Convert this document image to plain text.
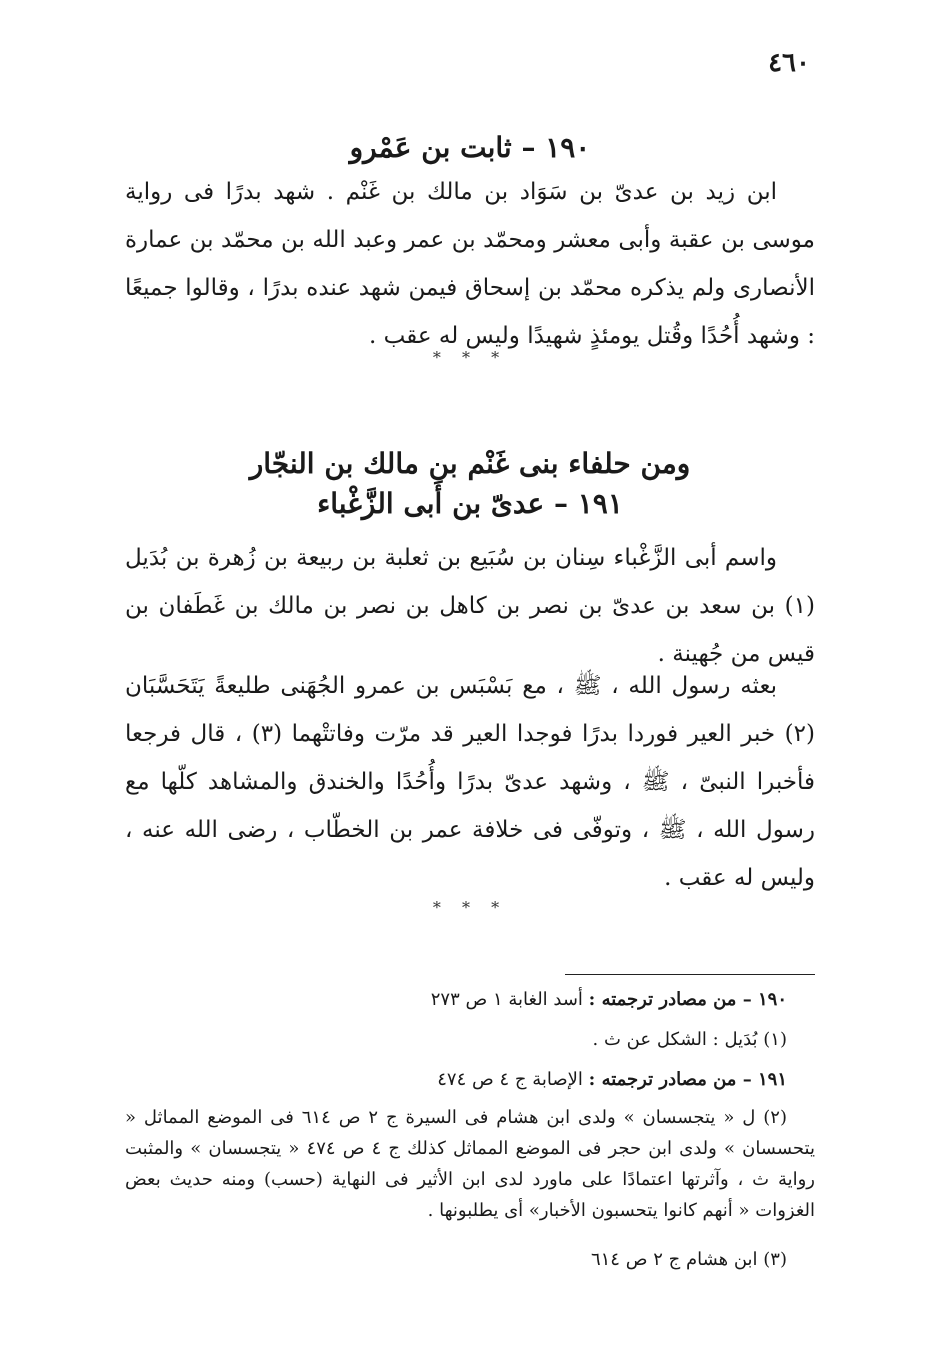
٤٦٠
١٩٠ – ثابت بن عَمْرو
ابن زيد بن عدىّ بن سَوَاد بن مالك بن غَنْم . شهد بدرًا فى رواية موسى بن عقبة وأبى معشر ومحمّد بن عمر وعبد الله بن محمّد بن عمارة الأنصارى ولم يذكره محمّد بن إسحاق فيمن شهد عنده بدرًا ، وقالوا جميعًا : وشهد أُحُدًا وقُتل يومئذٍ شهيدًا وليس له عقب .
* * *
ومن حلفاء بنى غَنْم بن مالك بن النجّار
١٩١ – عدىّ بن أَبى الزَّغْباء
واسم أبى الزَّغْباء سِنان بن سُبَيع بن ثعلبة بن ربيعة بن زُهرة بن بُدَيل (١) بن سعد بن عدىّ بن نصر بن كاهل بن نصر بن مالك بن غَطَفان بن قيس من جُهينة .
بعثه رسول الله ، ﷺ ، مع بَسْبَس بن عمرو الجُهَنى طليعةً يَتَحَسَّبَان (٢) خبر العير فوردا بدرًا فوجدا العير قد مرّت وفاتتْهما (٣) ، قال فرجعا فأخبرا النبىّ ، ﷺ ، وشهد عدىّ بدرًا وأُحُدًا والخندق والمشاهد كلّها مع رسول الله ، ﷺ ، وتوفّى فى خلافة عمر بن الخطّاب ، رضى الله عنه ، وليس له عقب .
* * *
١٩٠ – من مصادر ترجمته : أسد الغابة ١ ص ٢٧٣
(١) بُدَيل : الشكل عن ث .
١٩١ – من مصادر ترجمته : الإصابة ج ٤ ص ٤٧٤
(٢) ل « يتجسسان » ولدى ابن هشام فى السيرة ج ٢ ص ٦١٤ فى الموضع المماثل « يتحسسان » ولدى ابن حجر فى الموضع المماثل كذلك ج ٤ ص ٤٧٤ « يتجسسان » والمثبت رواية ث ، وآثرتها اعتمادًا على ماورد لدى ابن الأثير فى النهاية (حسب) ومنه حديث بعض الغزوات « أنهم كانوا يتحسبون الأخبار» أى يطلبونها .
(٣) ابن هشام ج ٢ ص ٦١٤
